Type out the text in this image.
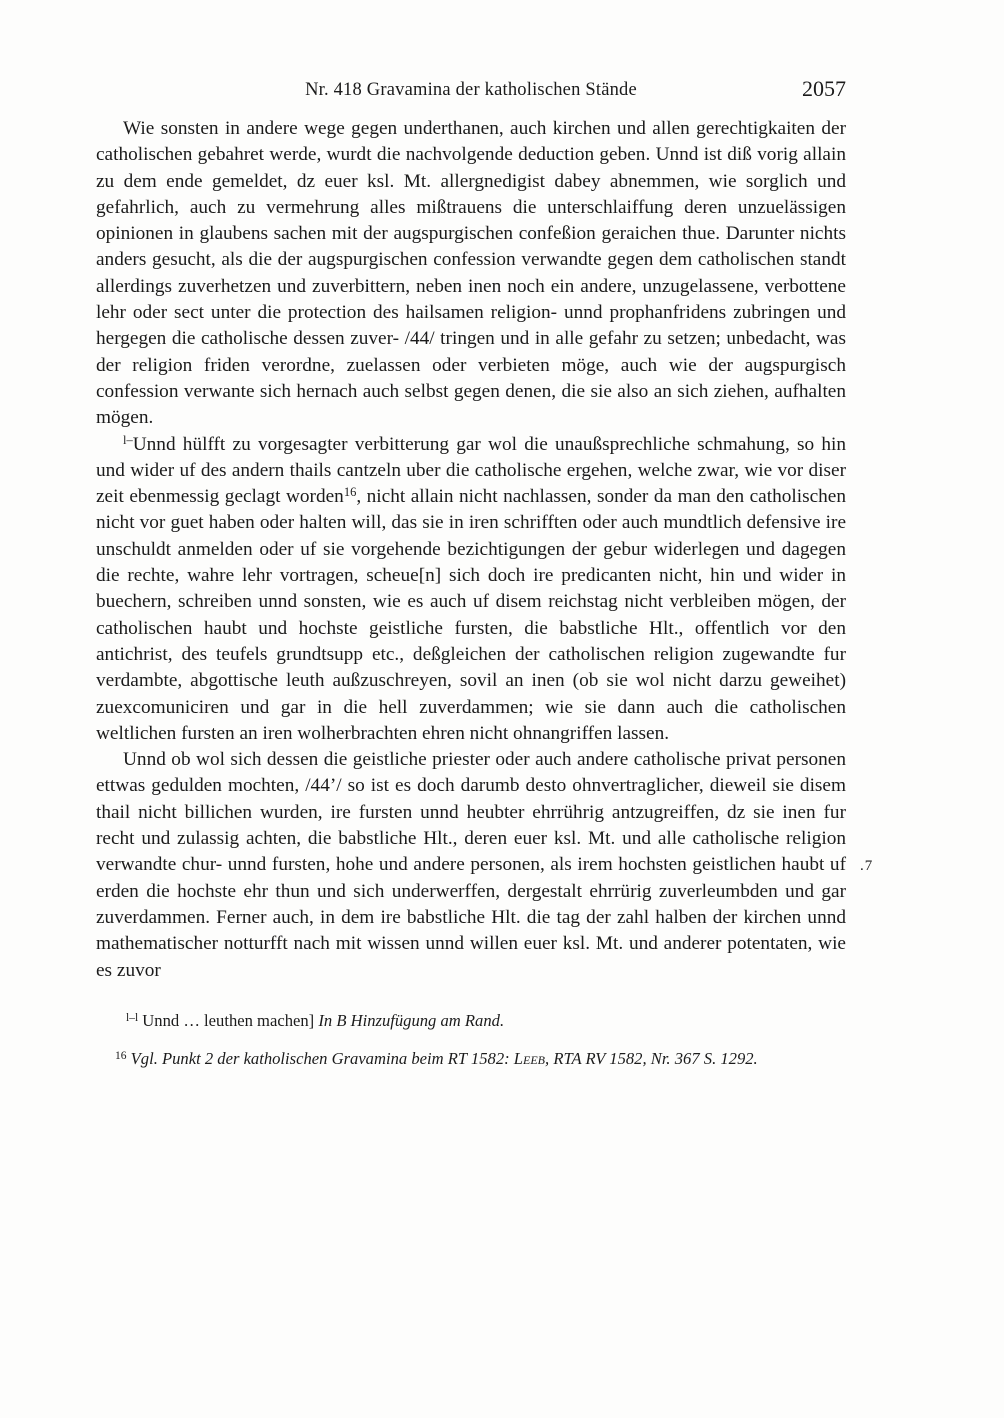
Nr. 418 Gravamina der katholischen Stände	2057

Wie sonsten in andere wege gegen underthanen, auch kirchen und allen gerechtigkaiten der catholischen gebahret werde, wurdt die nachvolgende deduction geben. Unnd ist diß vorig allain zu dem ende gemeldet, dz euer ksl. Mt. allergnedigist dabey abnemmen, wie sorglich und gefahrlich, auch zu vermehrung alles mißtrauens die unterschlaiffung deren unzuelässigen opinionen in glaubens sachen mit der augspurgischen confeßion geraichen thue. Darunter nichts anders gesucht, als die der augspurgischen confession verwandte gegen dem catholischen standt allerdings zuverhetzen und zuverbittern, neben inen noch ein andere, unzugelassene, verbottene lehr oder sect unter die protection des hailsamen religion- unnd prophanfridens zubringen und hergegen die catholische dessen zuver- /44/ tringen und in alle gefahr zu setzen; unbedacht, was der religion friden verordne, zuelassen oder verbieten möge, auch wie der augspurgisch confession verwante sich hernach auch selbst gegen denen, die sie also an sich ziehen, aufhalten mögen.

$^{l-}$Unnd hülfft zu vorgesagter verbitterung gar wol die unaußsprechliche schmahung, so hin und wider uf des andern thails cantzeln uber die catholische ergehen, welche zwar, wie vor diser zeit ebenmessig geclagt worden$^{16}$, nicht allain nicht nachlassen, sonder da man den catholischen nicht vor guet haben oder halten will, das sie in iren schrifften oder auch mundtlich defensive ire unschuldt anmelden oder uf sie vorgehende bezichtigungen der gebur widerlegen und dagegen die rechte, wahre lehr vortragen, scheue[n] sich doch ire predicanten nicht, hin und wider in buechern, schreiben unnd sonsten, wie es auch uf disem reichstag nicht verbleiben mögen, der catholischen haubt und hochste geistliche fursten, die babstliche Hlt., offentlich vor den antichrist, des teufels grundtsupp etc., deßgleichen der catholischen religion zugewandte fur verdambte, abgottische leuth außzuschreyen, sovil an inen (ob sie wol nicht darzu geweihet) zuexcomuniciren und gar in die hell zuverdammen; wie sie dann auch die catholischen weltlichen fursten an iren wolherbrachten ehren nicht ohnangriffen lassen.

Unnd ob wol sich dessen die geistliche priester oder auch andere catholische privat personen ettwas gedulden mochten, /44’/ so ist es doch darumb desto ohnvertraglicher, dieweil sie disem thail nicht billichen wurden, ire fursten unnd heubter ehrrührig antzugreiffen, dz sie inen fur recht und zulassig achten, die babstliche Hlt., deren euer ksl. Mt. und alle catholische religion verwandte chur- unnd fursten, hohe und andere personen, als irem hochsten geistlichen haubt uf erden die hochste ehr thun und sich underwerffen, dergestalt ehrrürig zuverleumbden und gar zuverdammen. Ferner auch, in dem ire babstliche Hlt. die tag der zahl halben der kirchen unnd mathematischer notturfft nach mit wissen unnd willen euer ksl. Mt. und anderer potentaten, wie es zuvor

$^{l-l}$ Unnd … leuthen machen] In B Hinzufügung am Rand.

$^{16}$ Vgl. Punkt 2 der katholischen Gravamina beim RT 1582: Leeb, RTA RV 1582, Nr. 367 S. 1292.

.7
